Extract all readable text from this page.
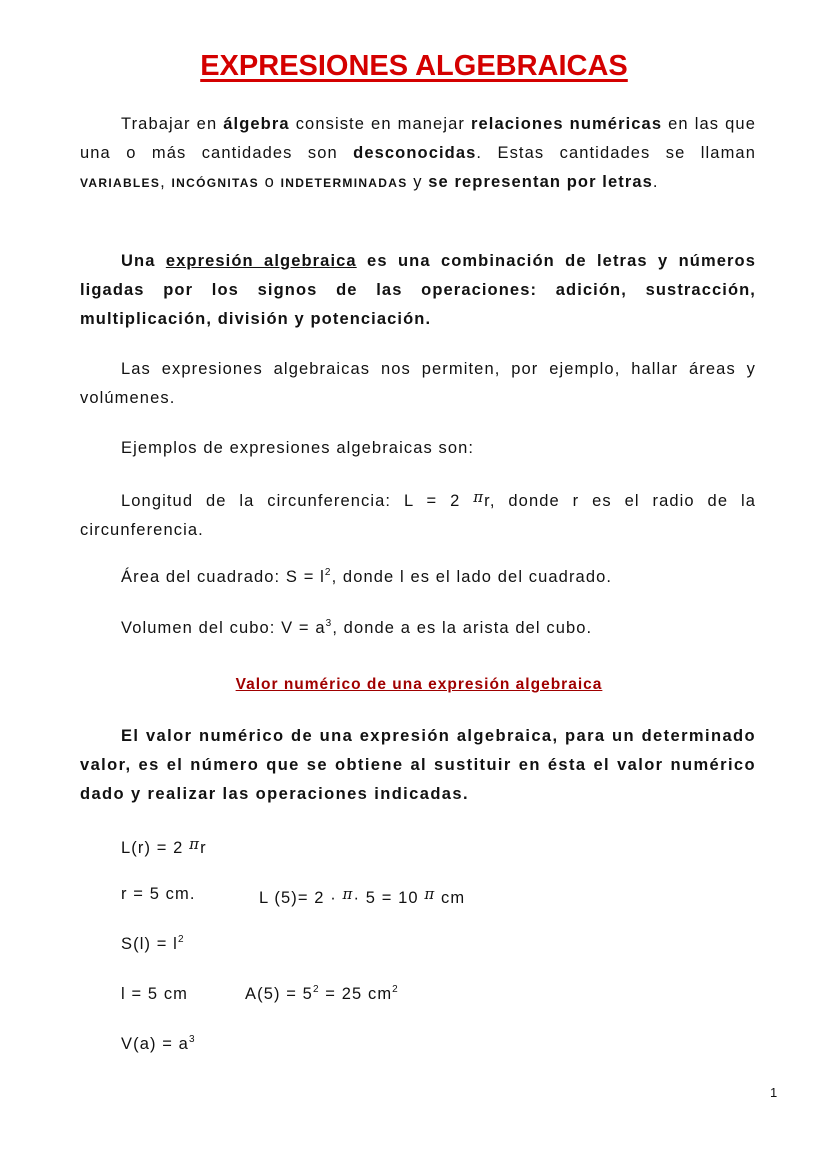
EXPRESIONES ALGEBRAICAS

Trabajar en álgebra consiste en manejar relaciones numéricas en las que una o más cantidades son desconocidas. Estas cantidades se llaman VARIABLES, INCÓGNITAS o INDETERMINADAS y se representan por letras.

Una expresión algebraica es una combinación de letras y números ligadas por los signos de las operaciones: adición, sustracción, multiplicación, división y potenciación.

Las expresiones algebraicas nos permiten, por ejemplo, hallar áreas y volúmenes.

Ejemplos de expresiones algebraicas son:

Longitud de la circunferencia: L = 2 πr, donde r es el radio de la circunferencia.

Área del cuadrado: $S = l^2$, donde l es el lado del cuadrado.

Volumen del cubo: $V = a^3$, donde a es la arista del cubo.

Valor numérico de una expresión algebraica

El valor numérico de una expresión algebraica, para un determinado valor, es el número que se obtiene al sustituir en ésta el valor numérico dado y realizar las operaciones indicadas.

L(r) = 2 πr
r = 5 cm.	L (5)= 2 · π· 5 = 10 π cm
$S(l) = l^2$
l = 5 cm	$A(5) = 5^2 = 25$ $cm^2$
$V(a) = a^3$
1
